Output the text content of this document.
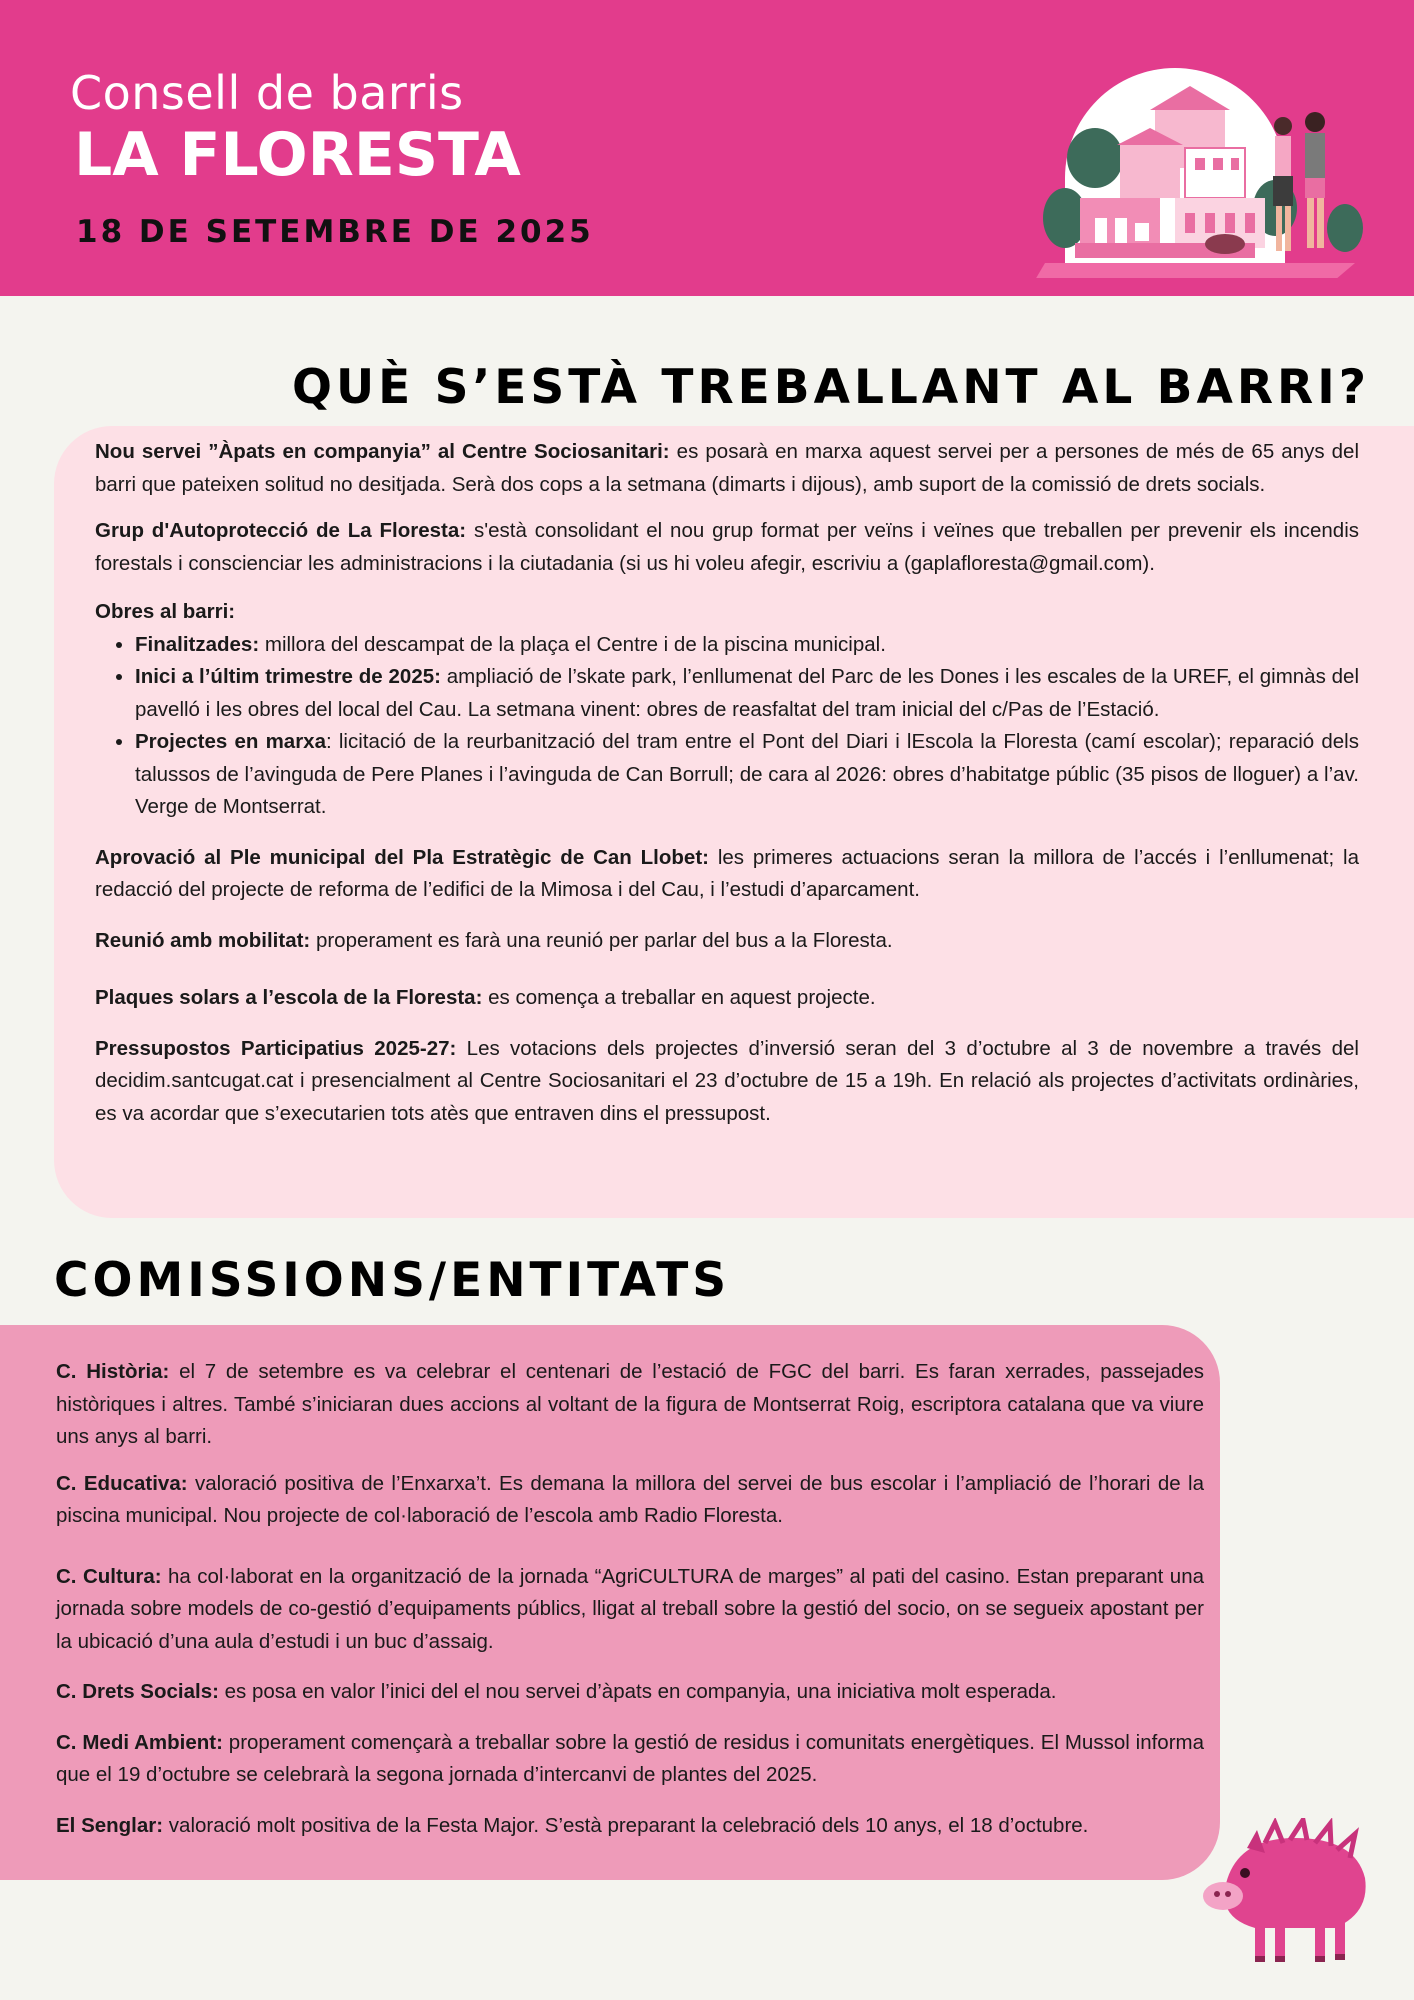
Consell de barris
LA FLORESTA
18 DE SETEMBRE DE 2025
QUÈ S’ESTÀ TREBALLANT AL BARRI?

Nou servei ”Àpats en companyia” al Centre Sociosanitari: es posarà en marxa aquest servei per a persones de més de 65 anys del barri que pateixen solitud no desitjada. Serà dos cops a la setmana (dimarts i dijous), amb suport de la comissió de drets socials.

Grup d'Autoprotecció de La Floresta: s'està consolidant el nou grup format per veïns i veïnes que treballen per prevenir els incendis forestals i conscienciar les administracions i la ciutadania (si us hi voleu afegir, escriviu a (gaplafloresta@gmail.com).

Obres al barri:

• Finalitzades: millora del descampat de la plaça el Centre i de la piscina municipal.
• Inici a l’últim trimestre de 2025: ampliació de l’skate park, l’enllumenat del Parc de les Dones i les escales de la UREF, el gimnàs del pavelló i les obres del local del Cau. La setmana vinent: obres de reasfaltat del tram inicial del c/Pas de l’Estació.
• Projectes en marxa: licitació de la reurbanització del tram entre el Pont del Diari i lEscola la Floresta (camí escolar); reparació dels talussos de l’avinguda de Pere Planes i l’avinguda de Can Borrull; de cara al 2026: obres d’habitatge públic (35 pisos de lloguer) a l’av. Verge de Montserrat.

Aprovació al Ple municipal del Pla Estratègic de Can Llobet: les primeres actuacions seran la millora de l’accés i l’enllumenat; la redacció del projecte de reforma de l’edifici de la Mimosa i del Cau, i l’estudi d’aparcament.

Reunió amb mobilitat: properament es farà una reunió per parlar del bus a la Floresta.

Plaques solars a l’escola de la Floresta: es comença a treballar en aquest projecte.

Pressupostos Participatius 2025-27: Les votacions dels projectes d’inversió seran del 3 d’octubre al 3 de novembre a través del decidim.santcugat.cat i presencialment al Centre Sociosanitari el 23 d’octubre de 15 a 19h. En relació als projectes d’activitats ordinàries, es va acordar que s’executarien tots atès que entraven dins el pressupost.

COMISSIONS/ENTITATS

C. Història: el 7 de setembre es va celebrar el centenari de l’estació de FGC del barri. Es faran xerrades, passejades històriques i altres. També s’iniciaran dues accions al voltant de la figura de Montserrat Roig, escriptora catalana que va viure uns anys al barri.

C. Educativa: valoració positiva de l’Enxarxa’t. Es demana la millora del servei de bus escolar i l’ampliació de l’horari de la piscina municipal. Nou projecte de col·laboració de l’escola amb Radio Floresta.

C. Cultura: ha col·laborat en la organització de la jornada “AgriCULTURA de marges” al pati del casino. Estan preparant una jornada sobre models de co-gestió d’equipaments públics, lligat al treball sobre la gestió del socio, on se segueix apostant per la ubicació d’una aula d’estudi i un buc d’assaig.

C. Drets Socials: es posa en valor l’inici del el nou servei d’àpats en companyia, una iniciativa molt esperada.

C. Medi Ambient: properament començarà a treballar sobre la gestió de residus i comunitats energètiques. El Mussol informa que el 19 d’octubre se celebrarà la segona jornada d’intercanvi de plantes del 2025.

El Senglar: valoració molt positiva de la Festa Major. S’està preparant la celebració dels 10 anys, el 18 d’octubre.
